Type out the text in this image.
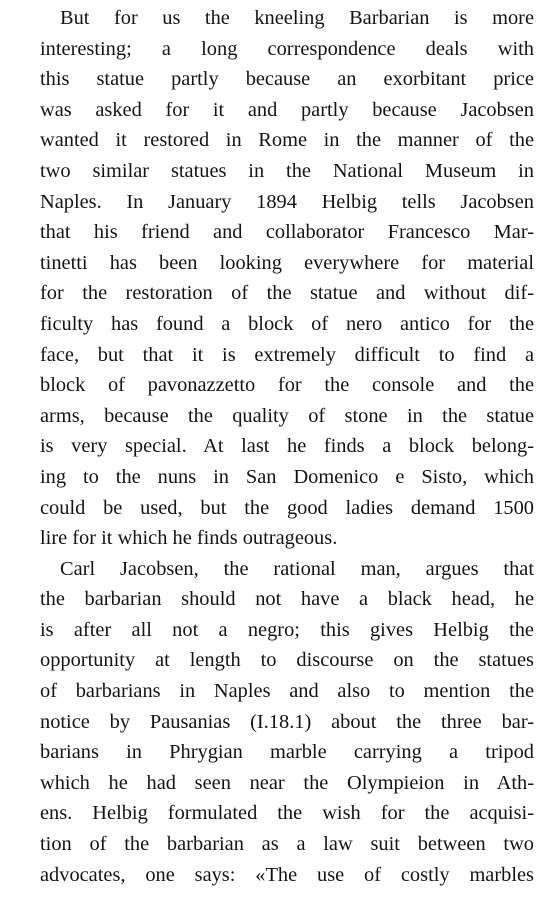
But for us the kneeling Barbarian is more
interesting; a long correspondence deals with
this statue partly because an exorbitant price
was asked for it and partly because Jacobsen
wanted it restored in Rome in the manner of the
two similar statues in the National Museum in
Naples. In January 1894 Helbig tells Jacobsen
that his friend and collaborator Francesco Mar-
tinetti has been looking everywhere for material
for the restoration of the statue and without dif-
ficulty has found a block of nero antico for the
face, but that it is extremely difficult to find a
block of pavonazzetto for the console and the
arms, because the quality of stone in the statue
is very special. At last he finds a block belong-
ing to the nuns in San Domenico e Sisto, which
could be used, but the good ladies demand 1500
lire for it which he finds outrageous.
Carl Jacobsen, the rational man, argues that
the barbarian should not have a black head, he
is after all not a negro; this gives Helbig the
opportunity at length to discourse on the statues
of barbarians in Naples and also to mention the
notice by Pausanias (I.18.1) about the three bar-
barians in Phrygian marble carrying a tripod
which he had seen near the Olympieion in Ath-
ens. Helbig formulated the wish for the acquisi-
tion of the barbarian as a law suit between two
advocates, one says: «The use of costly marbles
